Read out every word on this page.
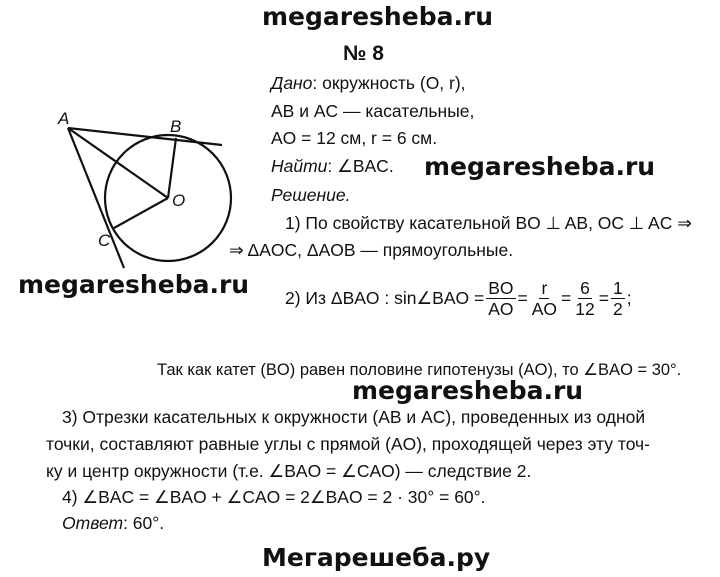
megaresheba.ru
megaresheba.ru
megaresheba.ru
megaresheba.ru
№ 8
A	B
O
C
Дано: окружность (O, r),
AB и AC — касательные,
AO = 12 см, r = 6 см.
Найти: ∠BAC.
Решение.
1) По свойству касательной BO ⊥ AB, OC ⊥ AC ⇒
⇒ ΔAOC, ΔAOB — прямоугольные.
2) Из ΔBAO : sin∠BAO = $\frac{BO}{AO} = \frac{r}{AO} = \frac{6}{12} = \frac{1}{2}$ ;
Так как катет (BO) равен половине гипотенузы (AO), то ∠BAO = 30°.
3) Отрезки касательных к окружности (AB и AC), проведенных из одной
точки, составляют равные углы с прямой (AO), проходящей через эту точ-
ку и центр окружности (т.е. ∠BAO = ∠CAO) — следствие 2.
4) ∠BAC = ∠BAO + ∠CAO = 2∠BAO = 2 · 30° = 60°.
Ответ: 60°.
Мегарешеба.ру
